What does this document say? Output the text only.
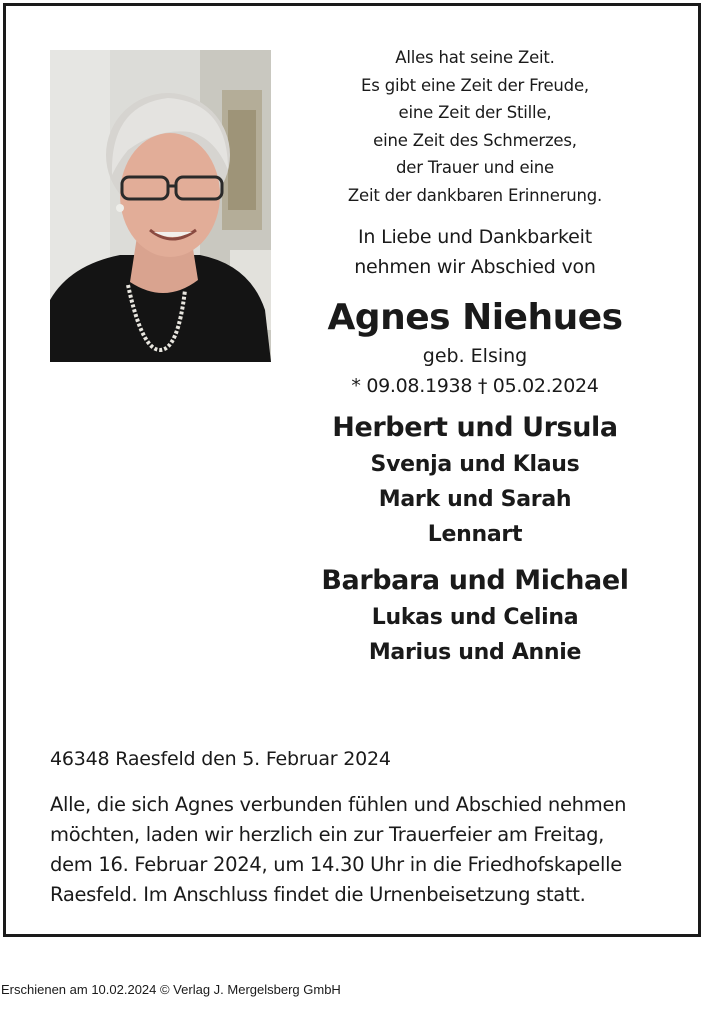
Alles hat seine Zeit.
Es gibt eine Zeit der Freude,
eine Zeit der Stille,
eine Zeit des Schmerzes,
der Trauer und eine
Zeit der dankbaren Erinnerung.
In Liebe und Dankbarkeit
nehmen wir Abschied von
Agnes Niehues
geb. Elsing
* 09.08.1938 † 05.02.2024
Herbert und Ursula
Svenja und Klaus
Mark und Sarah
Lennart
Barbara und Michael
Lukas und Celina
Marius und Annie
46348 Raesfeld den 5. Februar 2024
Alle, die sich Agnes verbunden fühlen und Abschied nehmen
möchten, laden wir herzlich ein zur Trauerfeier am Freitag,
dem 16. Februar 2024, um 14.30 Uhr in die Friedhofskapelle
Raesfeld. Im Anschluss findet die Urnenbeisetzung statt.
Erschienen am 10.02.2024 © Verlag J. Mergelsberg GmbH
